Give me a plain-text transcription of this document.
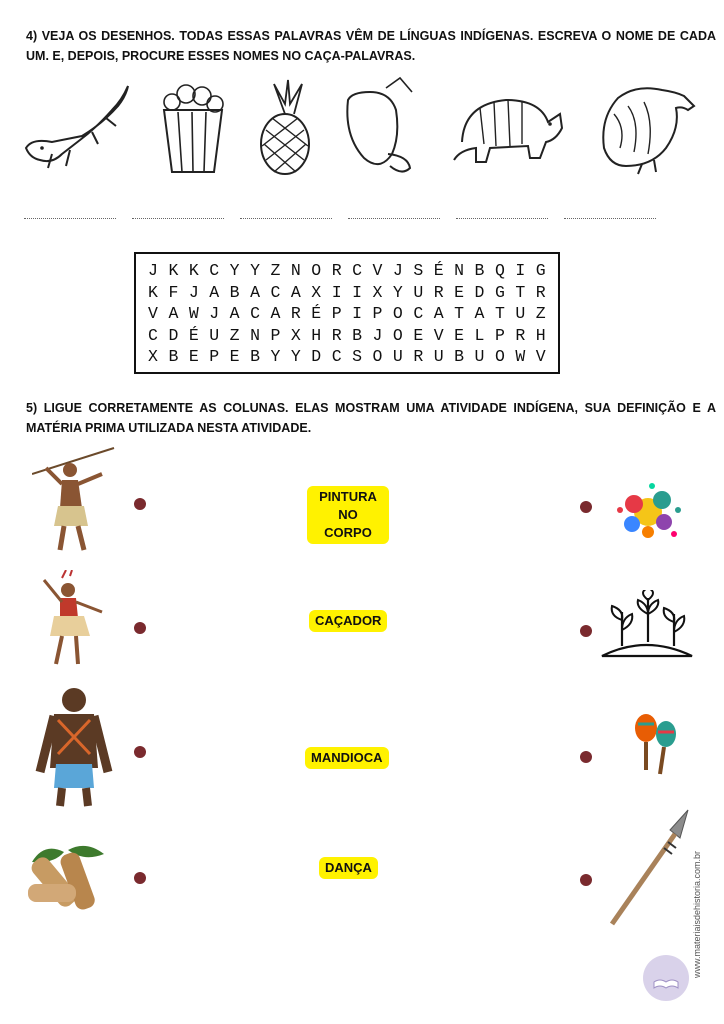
4) VEJA OS DESENHOS. TODAS ESSAS PALAVRAS VÊM DE LÍNGUAS INDÍGENAS. ESCREVA O NOME DE CADA UM. E, DEPOIS, PROCURE ESSES NOMES NO CAÇA-PALAVRAS.
J K K C Y Y Z N O R C V J S É N B Q I G
K F J A B A C A X I I X Y U R E D G T R
V A W J A C A R É P I P O C A T A T U Z
C D É U Z N P X H R B J O E V E L P R H
X B E P E B Y Y D C S O U R U B U O W V
5) LIGUE CORRETAMENTE AS COLUNAS. ELAS MOSTRAM UMA ATIVIDADE INDÍGENA, SUA DEFINIÇÃO E A MATÉRIA PRIMA UTILIZADA NESTA ATIVIDADE.
PINTURA
NO CORPO
CAÇADOR
MANDIOCA
DANÇA	www.materiaisdehistoria.com.br
